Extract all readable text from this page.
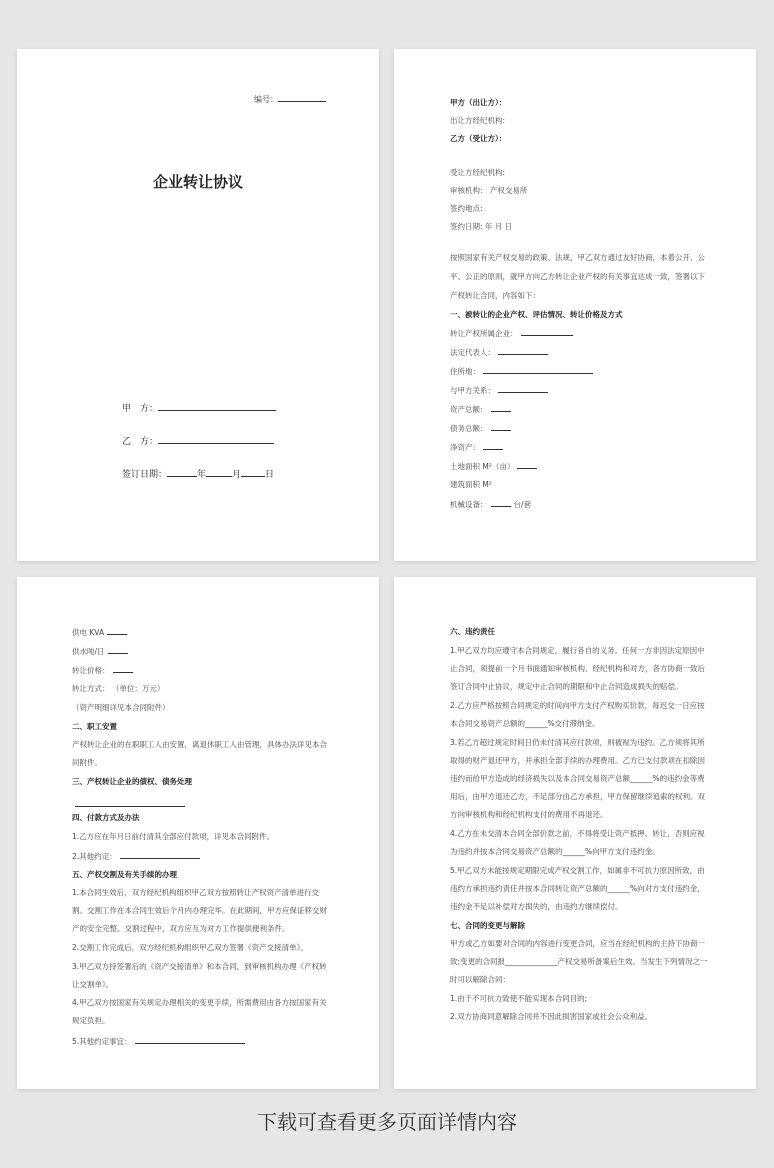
编号：
企业转让协议
甲　方：
乙　方：
签订日期：	年	月	日
甲方（出让方）：
出让方经纪机构:
乙方（受让方）：
受让方经纪机构:
审核机构： 产权交易所
签约地点:
签约日期: 年 月 日
按照国家有关产权交易的政策、法规，甲乙双方通过友好协商，本着公开、公
平、公正的原则，就甲方向乙方转让企业产权的有关事宜达成一致，签署以下
产权转让合同，内容如下：
一、被转让的企业产权、评估情况、转让价格及方式
转让产权所属企业：
法定代表人：
住所地：
与甲方关系：
资产总额：
债务总额：
净资产：
土地面积 M²（亩）
建筑面积 M²
机械设备：	台/套
供电 KVA
供水吨/日
转让价格：
转让方式： （单位：万元）
（资产明细详见本合同附件）
二、职工安置
产权转让企业的在职职工人由安置，离退休职工人由管理，具体办法详见本合
同附件。
三、产权转让企业的债权、债务处理
四、付款方式及办法
1.乙方应在年月日前付清其全部应付款项，详见本合同附件。
2.其他约定：
五、产权交割及有关手续的办理
1.本合同生效后，双方经纪机构组织甲乙双方按照转让产权资产清单进行交
割。交割工作在本合同生效后个月内办理完毕。在此期间，甲方应保证移交财
产的安全完整。交割过程中，双方应互为对方工作提供便利条件。
2.交割工作完成后，双方经纪机构组织甲乙双方签署《资产交接清单》。
3.甲乙双方持签署后的《资产交接清单》和本合同，到审核机构办理《产权转
让交割单》。
4.甲乙双方按国家有关规定办理相关的变更手续，所需费用由各方按国家有关
规定负担。
5.其他约定事宜：
六、违约责任
1.甲乙双方均应遵守本合同规定，履行各自的义务。任何一方非因法定原因中
止合同，须提前一个月书面通知审核机构、经纪机构和对方，各方协商一致后
签订合同中止协议，规定中止合同的期限和中止合同造成损失的赔偿。
2.乙方应严格按照合同规定的时间向甲方支付产权购买价款，每迟交一日应按
本合同交易资产总额的______%交付滞纳金。
3.若乙方超过规定时间日仍未付清其应付款项，则被视为违约。乙方须将其所
取得的财产退还甲方，并承担全部手续的办理费用。乙方已支付款项在扣除因
违约而给甲方造成的经济损失以及本合同交易资产总额______%的违约金等费
用后，由甲方退还乙方，不足部分由乙方承担，甲方保留继续追索的权利。双
方向审核机构和经纪机构支付的费用不再退还。
4.乙方在未交清本合同全部价款之前，不得将受让资产抵押、转让，否则应视
为违约并按本合同交易资产总额的______%向甲方支付违约金。
5.甲乙双方未能按规定期限完成产权交割工作，如属非不可抗力原因所致，由
违约方承担违约责任并按本合同转让资产总额的______%向对方支付违约金，
违约金不足以补偿对方损失的，由违约方继续偿付。
七、合同的变更与解除
甲方或乙方如要对合同的内容进行变更合同，应当在经纪机构的主持下协商一
致;变更的合同报______________产权交易所备案后生效。当发生下列情况之一
时可以解除合同：
1.由于不可抗力致使不能实现本合同目的;
2.双方协商同意解除合同并不因此损害国家或社会公众利益。
下载可查看更多页面详情内容
